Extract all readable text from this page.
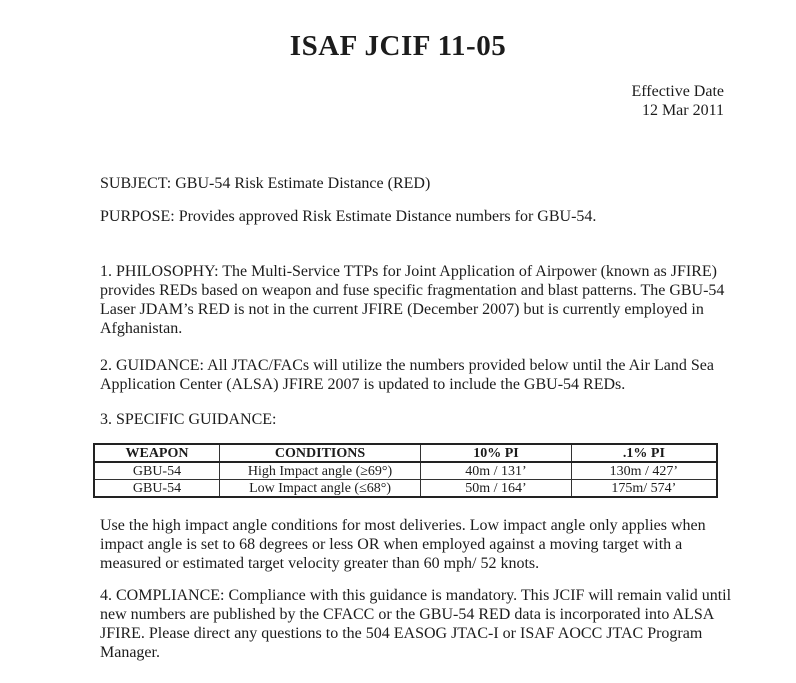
ISAF JCIF 11-05
Effective Date
12 Mar 2011
SUBJECT: GBU-54 Risk Estimate Distance (RED)
PURPOSE: Provides approved Risk Estimate Distance numbers for GBU-54.
1. PHILOSOPHY: The Multi-Service TTPs for Joint Application of Airpower (known as JFIRE) provides REDs based on weapon and fuse specific fragmentation and blast patterns. The GBU-54 Laser JDAM’s RED is not in the current JFIRE (December 2007) but is currently employed in Afghanistan.
2. GUIDANCE: All JTAC/FACs will utilize the numbers provided below until the Air Land Sea Application Center (ALSA) JFIRE 2007 is updated to include the GBU-54 REDs.
3. SPECIFIC GUIDANCE:
WEAPON	CONDITIONS	10% PI	.1% PI
GBU-54	High Impact angle (≥69°)	40m / 131’	130m / 427’
GBU-54	Low Impact angle (≤68°)	50m / 164’	175m/ 574’
Use the high impact angle conditions for most deliveries. Low impact angle only applies when impact angle is set to 68 degrees or less OR when employed against a moving target with a measured or estimated target velocity greater than 60 mph/ 52 knots.
4. COMPLIANCE: Compliance with this guidance is mandatory. This JCIF will remain valid until new numbers are published by the CFACC or the GBU-54 RED data is incorporated into ALSA JFIRE. Please direct any questions to the 504 EASOG JTAC-I or ISAF AOCC JTAC Program Manager.
